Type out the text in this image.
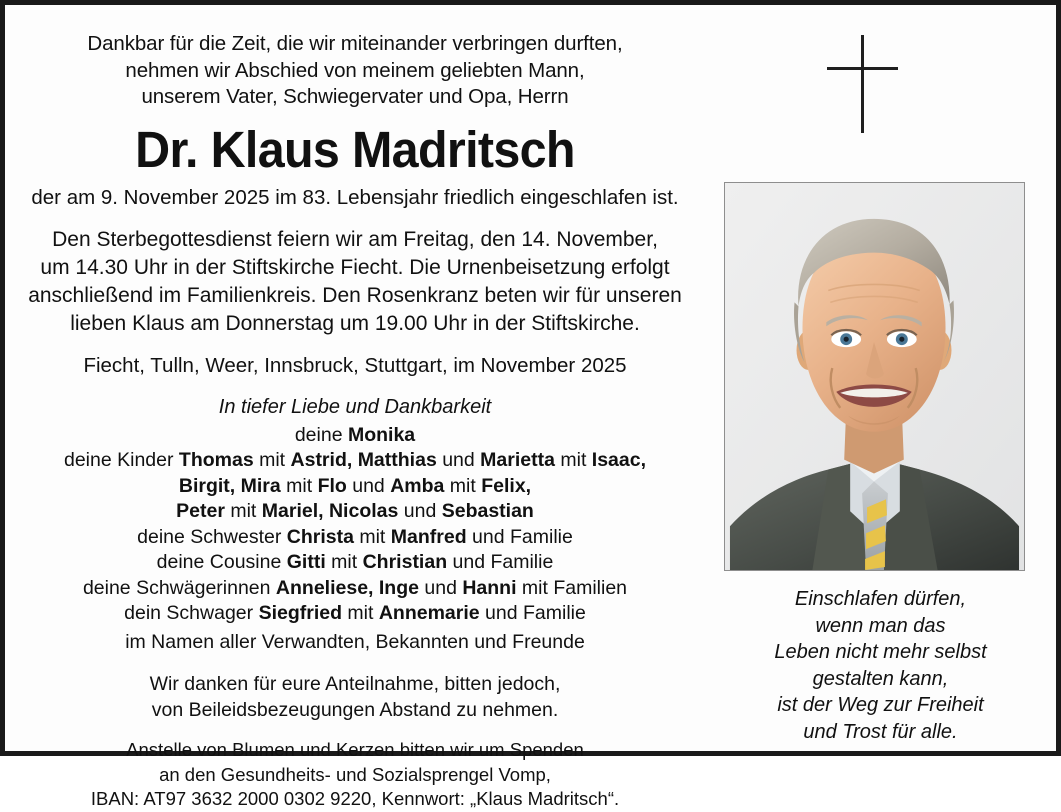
Dankbar für die Zeit, die wir miteinander verbringen durften,
nehmen wir Abschied von meinem geliebten Mann,
unserem Vater, Schwiegervater und Opa, Herrn

Dr. Klaus Madritsch

der am 9. November 2025 im 83. Lebensjahr friedlich eingeschlafen ist.

Den Sterbegottesdienst feiern wir am Freitag, den 14. November,
um 14.30 Uhr in der Stiftskirche Fiecht. Die Urnenbeisetzung erfolgt
anschließend im Familienkreis. Den Rosenkranz beten wir für unseren
lieben Klaus am Donnerstag um 19.00 Uhr in der Stiftskirche.

Fiecht, Tulln, Weer, Innsbruck, Stuttgart, im November 2025

In tiefer Liebe und Dankbarkeit

deine Monika
deine Kinder Thomas mit Astrid, Matthias und Marietta mit Isaac,
Birgit, Mira mit Flo und Amba mit Felix,
Peter mit Mariel, Nicolas und Sebastian
deine Schwester Christa mit Manfred und Familie
deine Cousine Gitti mit Christian und Familie
deine Schwägerinnen Anneliese, Inge und Hanni mit Familien
dein Schwager Siegfried mit Annemarie und Familie

im Namen aller Verwandten, Bekannten und Freunde

Wir danken für eure Anteilnahme, bitten jedoch,
von Beileidsbezeugungen Abstand zu nehmen.

Anstelle von Blumen und Kerzen bitten wir um Spenden
an den Gesundheits- und Sozialsprengel Vomp,
IBAN: AT97 3632 2000 0302 9220, Kennwort: „Klaus Madritsch“.

Einschlafen dürfen,
wenn man das
Leben nicht mehr selbst
gestalten kann,
ist der Weg zur Freiheit
und Trost für alle.
